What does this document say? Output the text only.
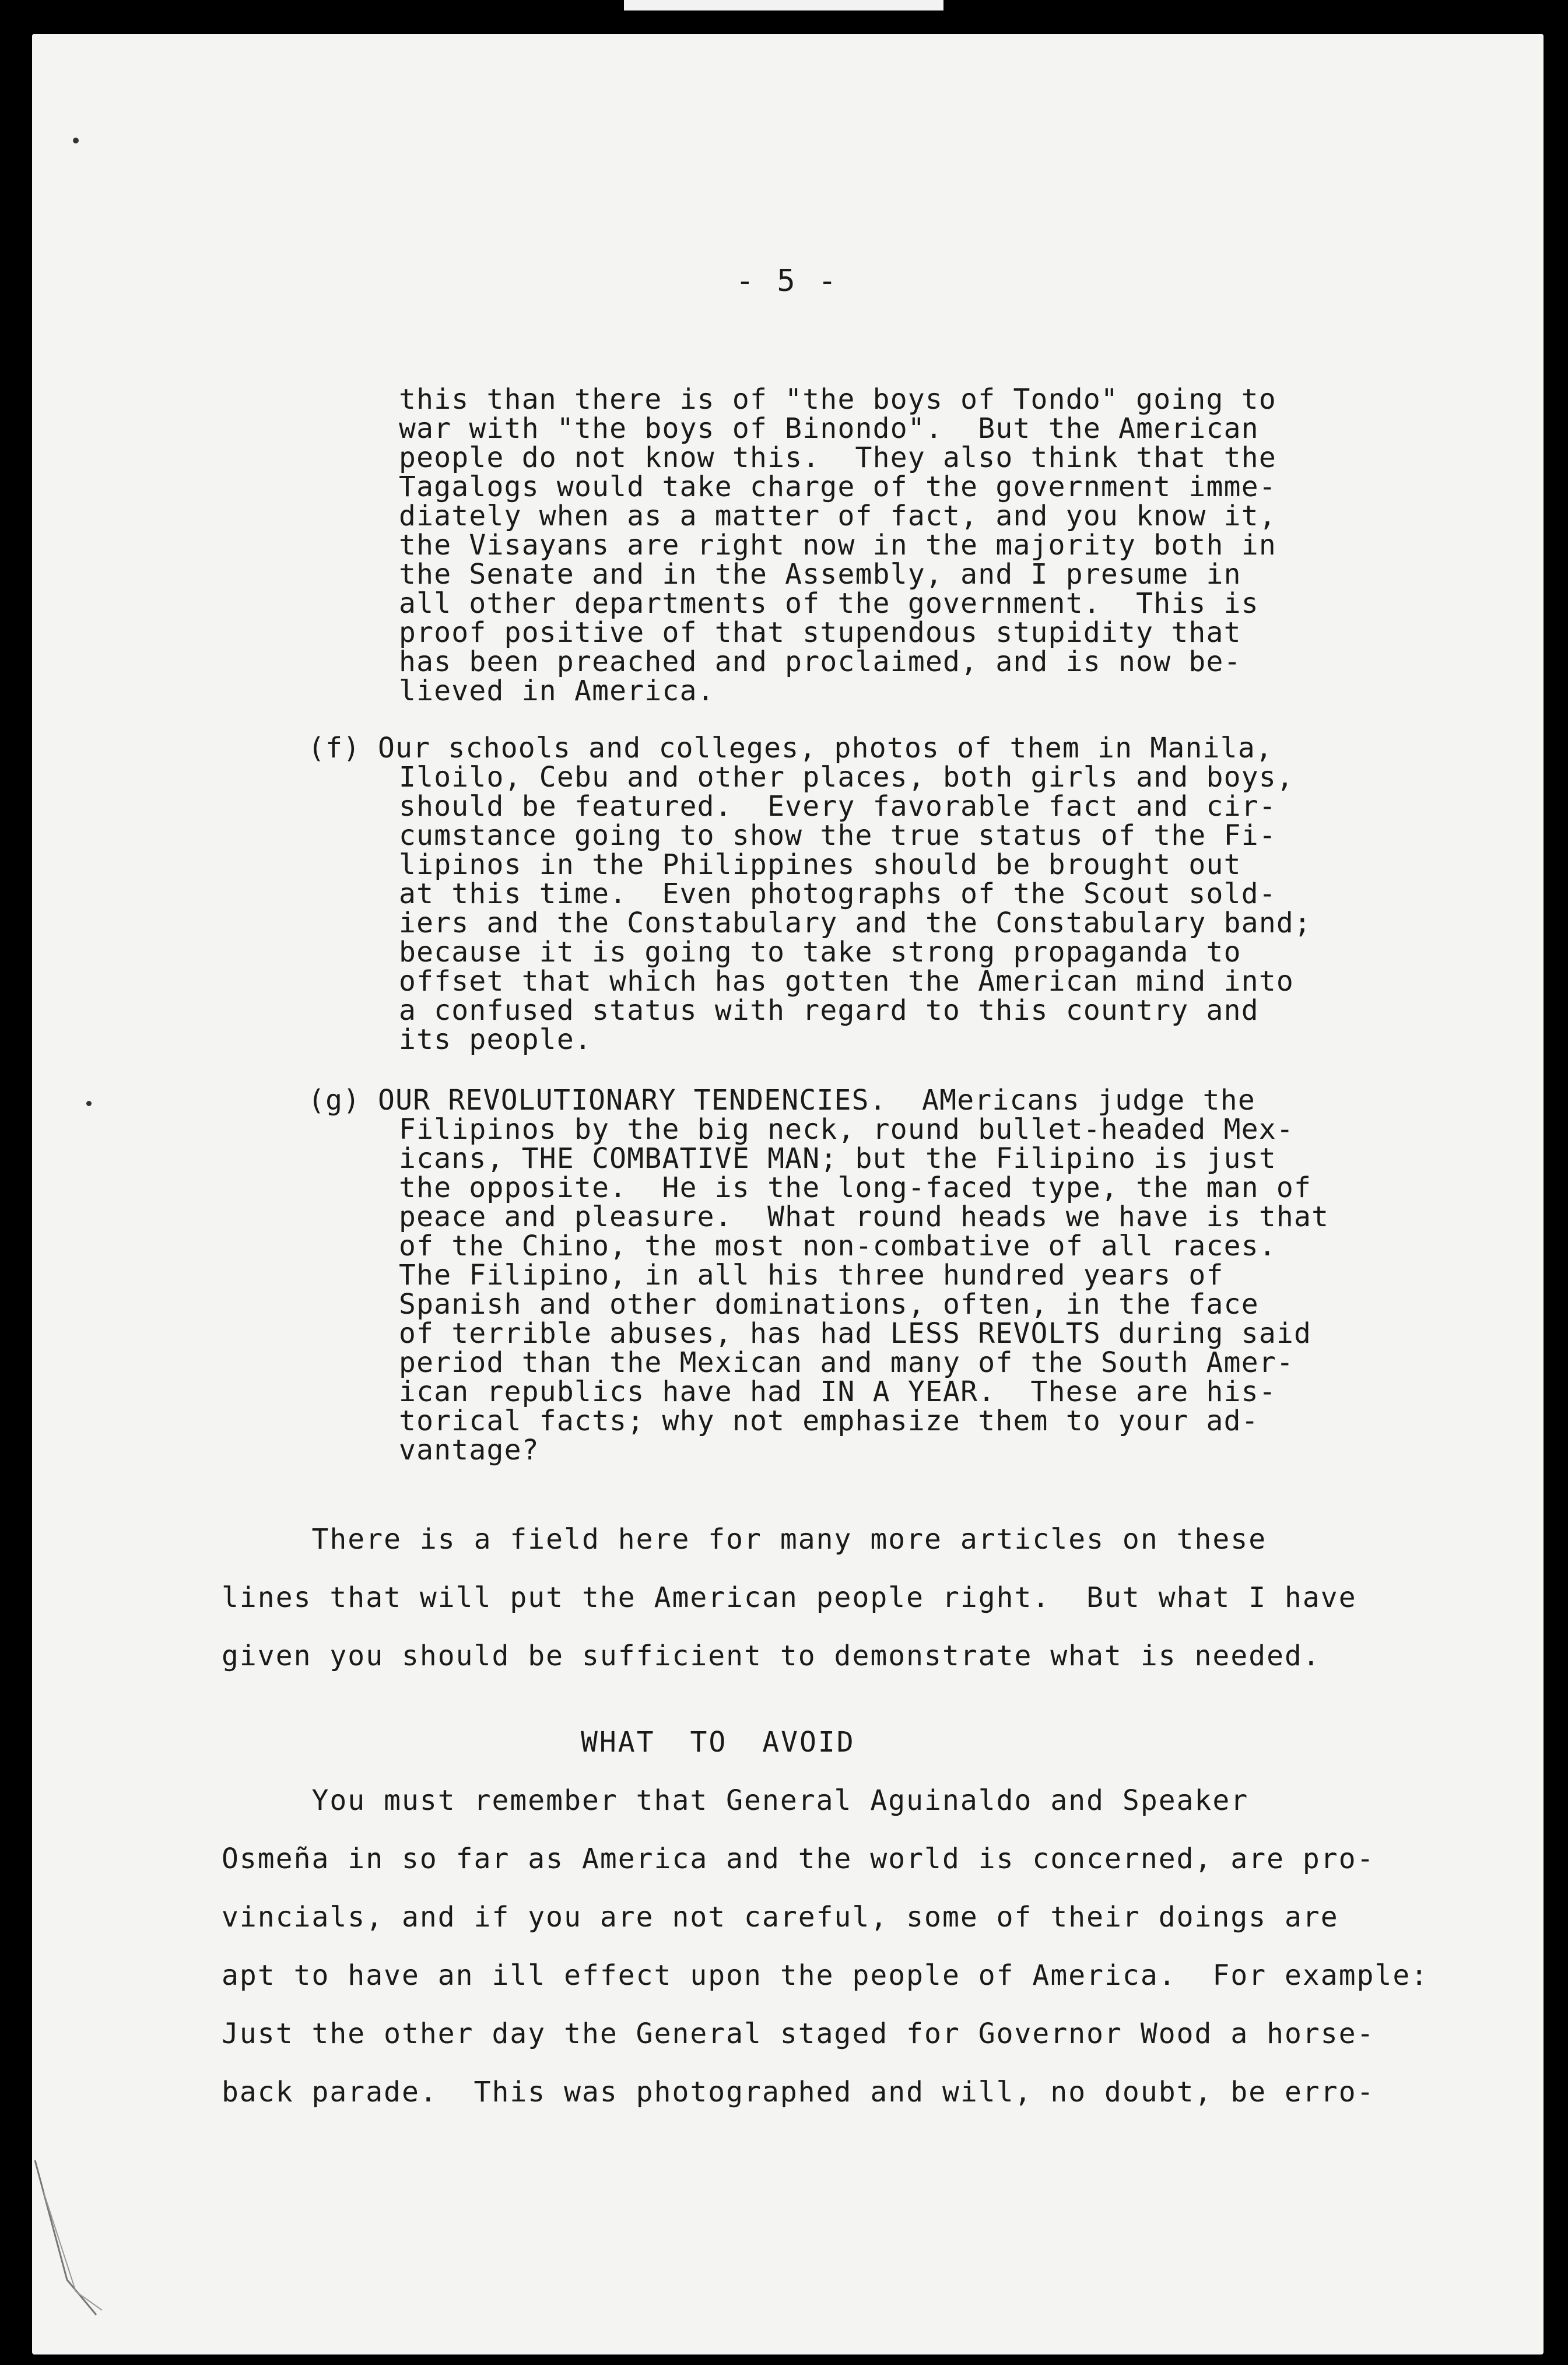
- 5 -

this than there is of "the boys of Tondo" going to

war with "the boys of Binondo".  But the American

people do not know this.  They also think that the

Tagalogs would take charge of the government imme-

diately when as a matter of fact, and you know it,

the Visayans are right now in the majority both in

the Senate and in the Assembly, and I presume in

all other departments of the government.  This is

proof positive of that stupendous stupidity that

has been preached and proclaimed, and is now be-

lieved in America.

(f) Our schools and colleges, photos of them in Manila,

Iloilo, Cebu and other places, both girls and boys,

should be featured.  Every favorable fact and cir-

cumstance going to show the true status of the Fi-

lipinos in the Philippines should be brought out

at this time.  Even photographs of the Scout sold-

iers and the Constabulary and the Constabulary band;

because it is going to take strong propaganda to

offset that which has gotten the American mind into

a confused status with regard to this country and

its people.

(g) OUR REVOLUTIONARY TENDENCIES.  AMericans judge the

Filipinos by the big neck, round bullet-headed Mex-

icans, THE COMBATIVE MAN; but the Filipino is just

the opposite.  He is the long-faced type, the man of

peace and pleasure.  What round heads we have is that

of the Chino, the most non-combative of all races.

The Filipino, in all his three hundred years of

Spanish and other dominations, often, in the face

of terrible abuses, has had LESS REVOLTS during said

period than the Mexican and many of the South Amer-

ican republics have had IN A YEAR.  These are his-

torical facts; why not emphasize them to your ad-

vantage?

There is a field here for many more articles on these

lines that will put the American people right.  But what I have

given you should be sufficient to demonstrate what is needed.

WHAT TO AVOID

You must remember that General Aguinaldo and Speaker

Osmeña in so far as America and the world is concerned, are pro-

vincials, and if you are not careful, some of their doings are

apt to have an ill effect upon the people of America.  For example:

Just the other day the General staged for Governor Wood a horse-

back parade.  This was photographed and will, no doubt, be erro-
